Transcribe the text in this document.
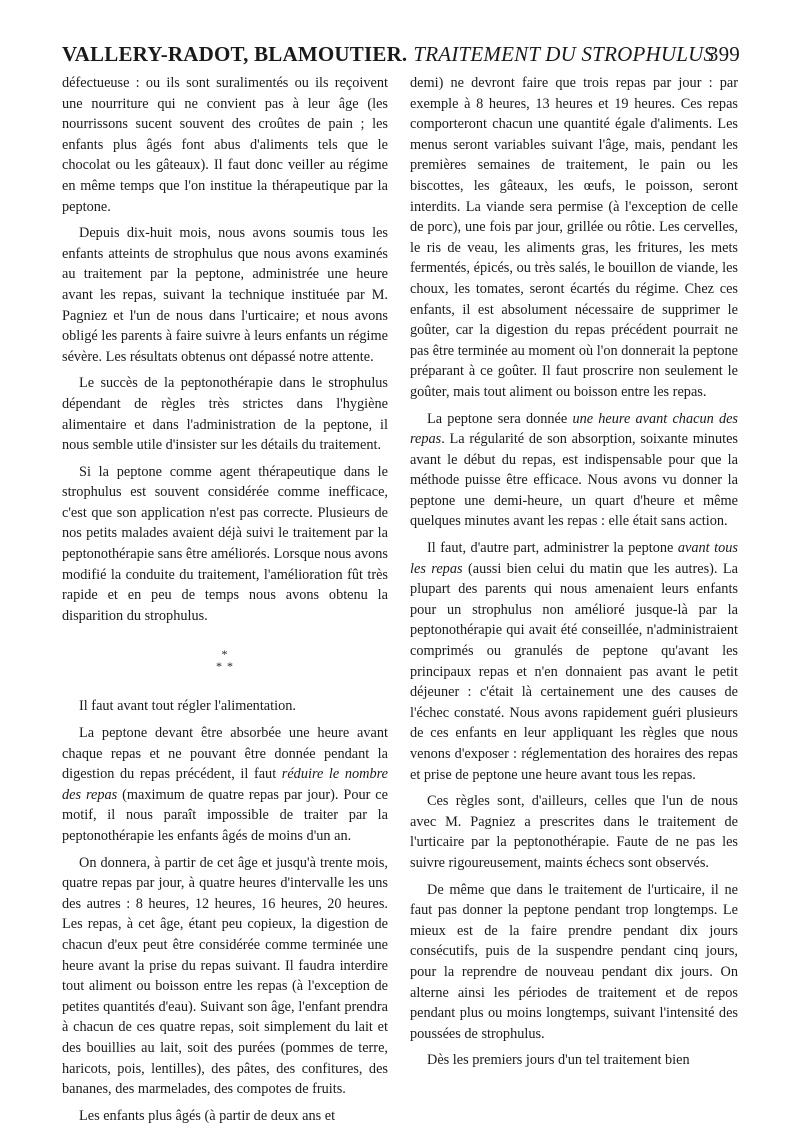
VALLERY-RADOT, BLAMOUTIER. TRAITEMENT DU STROPHULUS
399

défectueuse : ou ils sont suralimentés ou ils reçoivent une nourriture qui ne convient pas à leur âge (les nourrissons sucent souvent des croûtes de pain ; les enfants plus âgés font abus d'aliments tels que le chocolat ou les gâteaux). Il faut donc veiller au régime en même temps que l'on institue la thérapeutique par la peptone.

Depuis dix-huit mois, nous avons soumis tous les enfants atteints de strophulus que nous avons examinés au traitement par la peptone, administrée une heure avant les repas, suivant la technique instituée par M. Pagniez et l'un de nous dans l'urticaire; et nous avons obligé les parents à faire suivre à leurs enfants un régime sévère. Les résultats obtenus ont dépassé notre attente.

Le succès de la peptonothérapie dans le strophulus dépendant de règles très strictes dans l'hygiène alimentaire et dans l'administration de la peptone, il nous semble utile d'insister sur les détails du traitement.

Si la peptone comme agent thérapeutique dans le strophulus est souvent considérée comme inefficace, c'est que son application n'est pas correcte. Plusieurs de nos petits malades avaient déjà suivi le traitement par la peptonothérapie sans être améliorés. Lorsque nous avons modifié la conduite du traitement, l'amélioration fût très rapide et en peu de temps nous avons obtenu la disparition du strophulus.

*
* *

Il faut avant tout régler l'alimentation.

La peptone devant être absorbée une heure avant chaque repas et ne pouvant être donnée pendant la digestion du repas précédent, il faut réduire le nombre des repas (maximum de quatre repas par jour). Pour ce motif, il nous paraît impossible de traiter par la peptonothérapie les enfants âgés de moins d'un an.

On donnera, à partir de cet âge et jusqu'à trente mois, quatre repas par jour, à quatre heures d'intervalle les uns des autres : 8 heures, 12 heures, 16 heures, 20 heures. Les repas, à cet âge, étant peu copieux, la digestion de chacun d'eux peut être considérée comme terminée une heure avant la prise du repas suivant. Il faudra interdire tout aliment ou boisson entre les repas (à l'exception de petites quantités d'eau). Suivant son âge, l'enfant prendra à chacun de ces quatre repas, soit simplement du lait et des bouillies au lait, soit des purées (pommes de terre, haricots, pois, lentilles), des pâtes, des confitures, des bananes, des marmelades, des compotes de fruits.

Les enfants plus âgés (à partir de deux ans et

demi) ne devront faire que trois repas par jour : par exemple à 8 heures, 13 heures et 19 heures. Ces repas comporteront chacun une quantité égale d'aliments. Les menus seront variables suivant l'âge, mais, pendant les premières semaines de traitement, le pain ou les biscottes, les gâteaux, les œufs, le poisson, seront interdits. La viande sera permise (à l'exception de celle de porc), une fois par jour, grillée ou rôtie. Les cervelles, le ris de veau, les aliments gras, les fritures, les mets fermentés, épicés, ou très salés, le bouillon de viande, les choux, les tomates, seront écartés du régime. Chez ces enfants, il est absolument nécessaire de supprimer le goûter, car la digestion du repas précédent pourrait ne pas être terminée au moment où l'on donnerait la peptone préparant à ce goûter. Il faut proscrire non seulement le goûter, mais tout aliment ou boisson entre les repas.

La peptone sera donnée une heure avant chacun des repas. La régularité de son absorption, soixante minutes avant le début du repas, est indispensable pour que la méthode puisse être efficace. Nous avons vu donner la peptone une demi-heure, un quart d'heure et même quelques minutes avant les repas : elle était sans action.

Il faut, d'autre part, administrer la peptone avant tous les repas (aussi bien celui du matin que les autres). La plupart des parents qui nous amenaient leurs enfants pour un strophulus non amélioré jusque-là par la peptonothérapie qui avait été conseillée, n'administraient comprimés ou granulés de peptone qu'avant les principaux repas et n'en donnaient pas avant le petit déjeuner : c'était là certainement une des causes de l'échec constaté. Nous avons rapidement guéri plusieurs de ces enfants en leur appliquant les règles que nous venons d'exposer : réglementation des horaires des repas et prise de peptone une heure avant tous les repas.

Ces règles sont, d'ailleurs, celles que l'un de nous avec M. Pagniez a prescrites dans le traitement de l'urticaire par la peptonothérapie. Faute de ne pas les suivre rigoureusement, maints échecs sont observés.

De même que dans le traitement de l'urticaire, il ne faut pas donner la peptone pendant trop longtemps. Le mieux est de la faire prendre pendant dix jours consécutifs, puis de la suspendre pendant cinq jours, pour la reprendre de nouveau pendant dix jours. On alterne ainsi les périodes de traitement et de repos pendant plus ou moins longtemps, suivant l'intensité des poussées de strophulus.

Dès les premiers jours d'un tel traitement bien
